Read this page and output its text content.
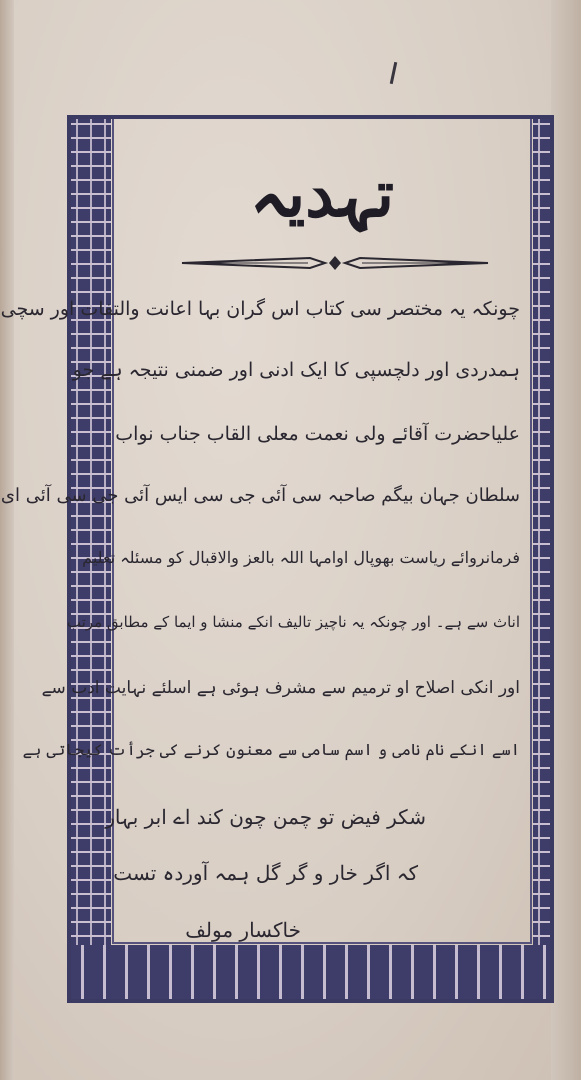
تہدیہ
چونکہ یہ مختصر سی کتاب اس گران بہا اعانت والتفات اور سچی
ہمدردی اور دلچسپی کا ایک ادنی اور ضمنی نتیجہ ہے جو
علیاحضرت آقائے ولی نعمت معلی القاب جناب نواب
سلطان جہان بیگم صاحبہ سی آئی جی سی ایس آئی جی سی آئی ای
فرمانروائے ریاست بھوپال اوامہا اللہ بالعز والاقبال کو مسئلہ تعلیم
اناث سے ہے۔ اور چونکہ یہ ناچیز تالیف انکے منشا و ایما کے مطابق مرتب
اور انکی اصلاح او ترمیم سے مشرف ہوئی ہے اسلئے نہایت ادب سے
اسے انکے نام نامی و اسم سامی سے معنون کرنے کی جرأت کیجاتی ہے
شکر فیض تو چمن چون کند اے ابر بہار
کہ اگر خار و گر گل ہمہ آوردہ تست
خاکسار مولف
